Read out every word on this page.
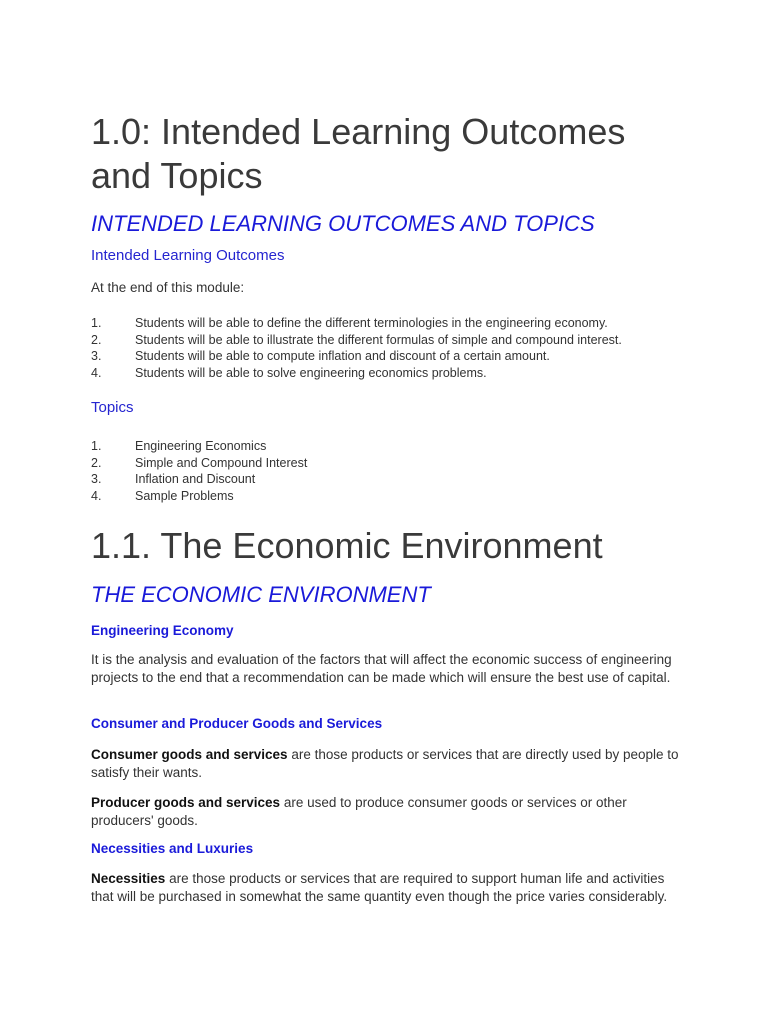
1.0: Intended Learning Outcomes
and Topics
INTENDED LEARNING OUTCOMES AND TOPICS
Intended Learning Outcomes

At the end of this module:

1.	Students will be able to define the different terminologies in the engineering economy.
2.	Students will be able to illustrate the different formulas of simple and compound interest.
3.	Students will be able to compute inflation and discount of a certain amount.
4.	Students will be able to solve engineering economics problems.
Topics
1.	Engineering Economics
2.	Simple and Compound Interest
3.	Inflation and Discount
4.	Sample Problems
1.1. The Economic Environment
THE ECONOMIC ENVIRONMENT
Engineering Economy

It is the analysis and evaluation of the factors that will affect the economic success of engineering projects to the end that a recommendation can be made which will ensure the best use of capital.

Consumer and Producer Goods and Services

Consumer goods and services are those products or services that are directly used by people to satisfy their wants.

Producer goods and services are used to produce consumer goods or services or other producers' goods.

Necessities and Luxuries

Necessities are those products or services that are required to support human life and activities that will be purchased in somewhat the same quantity even though the price varies considerably.
